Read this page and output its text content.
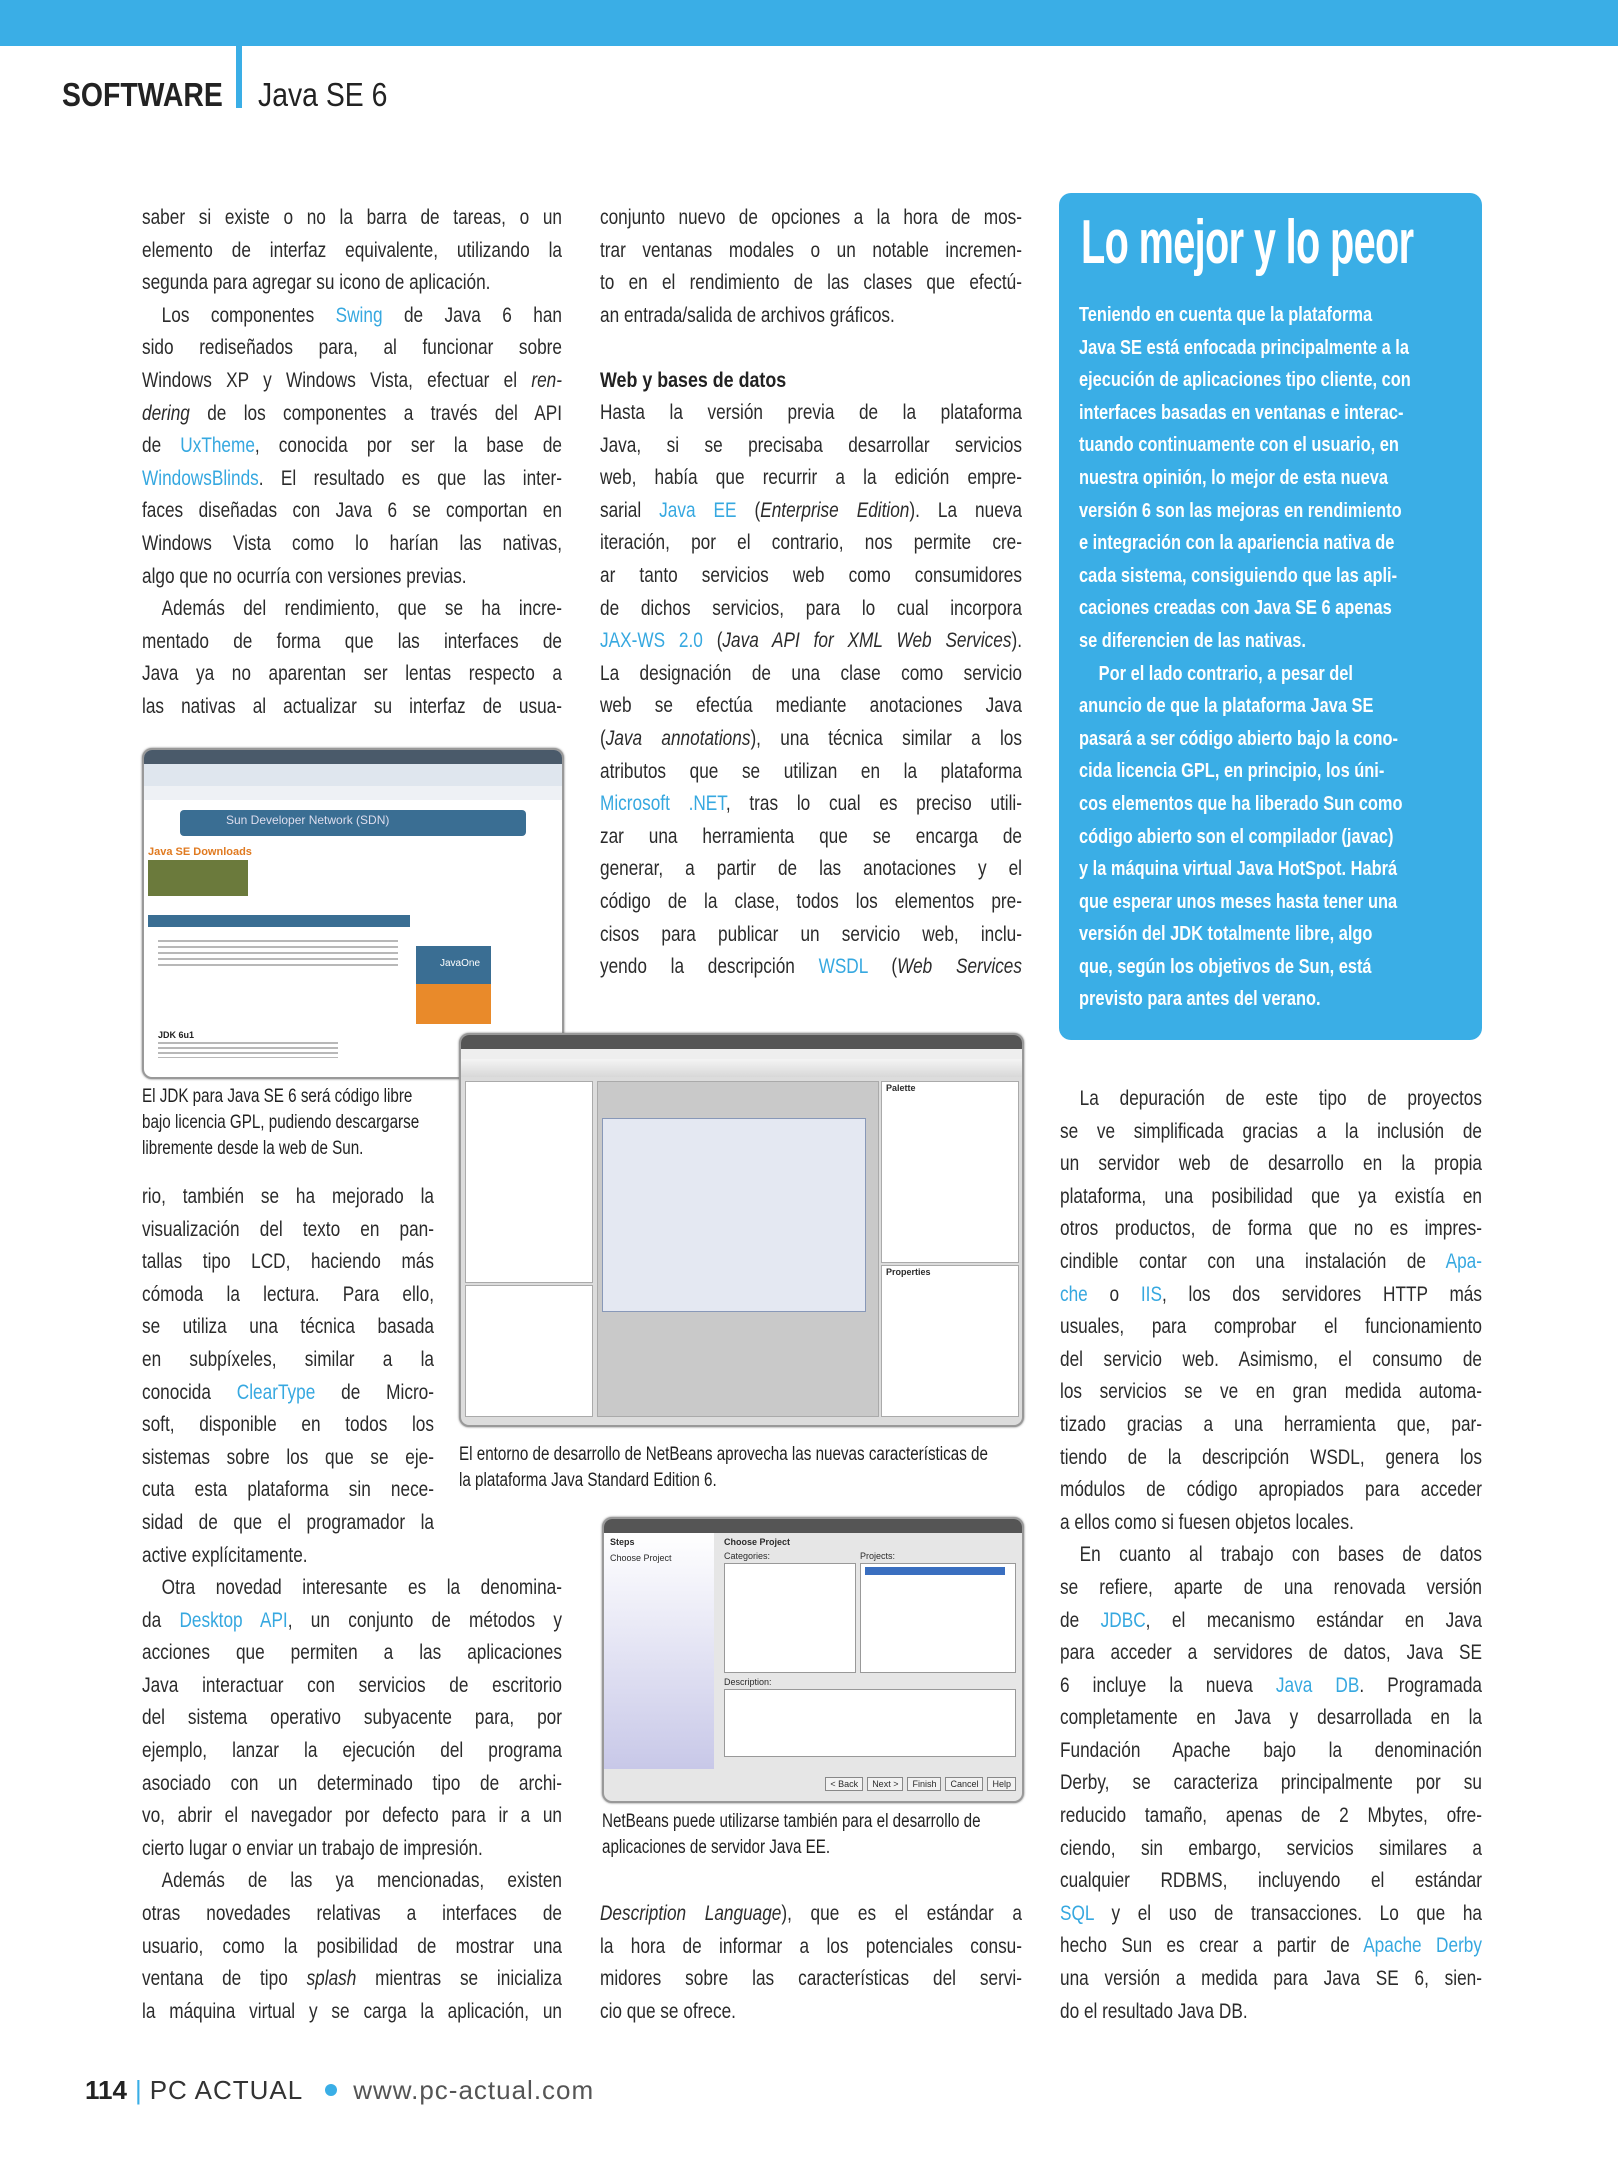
SOFTWARE Java SE 6
saber si existe o no la barra de tareas, o un
elemento de interfaz equivalente, utilizando la
segunda para agregar su icono de aplicación.
Los componentes Swing de Java 6 han
sido rediseñados para, al funcionar sobre
Windows XP y Windows Vista, efectuar el ren-
dering de los componentes a través del API
de UxTheme, conocida por ser la base de
WindowsBlinds. El resultado es que las inter-
faces diseñadas con Java 6 se comportan en
Windows Vista como lo harían las nativas,
algo que no ocurría con versiones previas.
Además del rendimiento, que se ha incre-
mentado de forma que las interfaces de
Java ya no aparentan ser lentas respecto a
las nativas al actualizar su interfaz de usua-
Sun Developer Network (SDN)
Java SE Downloads
JavaOne
JDK 6u1
El JDK para Java SE 6 será código libre
bajo licencia GPL, pudiendo descargarse
libremente desde la web de Sun.
rio, también se ha mejorado la
visualización del texto en pan-
tallas tipo LCD, haciendo más
cómoda la lectura. Para ello,
se utiliza una técnica basada
en subpíxeles, similar a la
conocida ClearType de Micro-
soft, disponible en todos los
sistemas sobre los que se eje-
cuta esta plataforma sin nece-
sidad de que el programador la
active explícitamente.
Otra novedad interesante es la denomina-
da Desktop API, un conjunto de métodos y
acciones que permiten a las aplicaciones
Java interactuar con servicios de escritorio
del sistema operativo subyacente para, por
ejemplo, lanzar la ejecución del programa
asociado con un determinado tipo de archi-
vo, abrir el navegador por defecto para ir a un
cierto lugar o enviar un trabajo de impresión.
Además de las ya mencionadas, existen
otras novedades relativas a interfaces de
usuario, como la posibilidad de mostrar una
ventana de tipo splash mientras se inicializa
la máquina virtual y se carga la aplicación, un
conjunto nuevo de opciones a la hora de mos-
trar ventanas modales o un notable incremen-
to en el rendimiento de las clases que efectú-
an entrada/salida de archivos gráficos.
Web y bases de datos
Hasta la versión previa de la plataforma
Java, si se precisaba desarrollar servicios
web, había que recurrir a la edición empre-
sarial Java EE (Enterprise Edition). La nueva
iteración, por el contrario, nos permite cre-
ar tanto servicios web como consumidores
de dichos servicios, para lo cual incorpora
JAX-WS 2.0 (Java API for XML Web Services).
La designación de una clase como servicio
web se efectúa mediante anotaciones Java
(Java annotations), una técnica similar a los
atributos que se utilizan en la plataforma
Microsoft .NET, tras lo cual es preciso utili-
zar una herramienta que se encarga de
generar, a partir de las anotaciones y el
código de la clase, todos los elementos pre-
cisos para publicar un servicio web, inclu-
yendo la descripción WSDL (Web Services
Palette
Properties
El entorno de desarrollo de NetBeans aprovecha las nuevas características de
la plataforma Java Standard Edition 6.
Steps
Choose Project
Choose Project
Categories:	Projects:
Description:
< Back	Next >	Finish	Cancel	Help
NetBeans puede utilizarse también para el desarrollo de
aplicaciones de servidor Java EE.
Description Language), que es el estándar a
la hora de informar a los potenciales consu-
midores sobre las características del servi-
cio que se ofrece.
Lo mejor y lo peor
Teniendo en cuenta que la plataforma
Java SE está enfocada principalmente a la
ejecución de aplicaciones tipo cliente, con
interfaces basadas en ventanas e interac-
tuando continuamente con el usuario, en
nuestra opinión, lo mejor de esta nueva
versión 6 son las mejoras en rendimiento
e integración con la apariencia nativa de
cada sistema, consiguiendo que las apli-
caciones creadas con Java SE 6 apenas
se diferencien de las nativas.
Por el lado contrario, a pesar del
anuncio de que la plataforma Java SE
pasará a ser código abierto bajo la cono-
cida licencia GPL, en principio, los úni-
cos elementos que ha liberado Sun como
código abierto son el compilador (javac)
y la máquina virtual Java HotSpot. Habrá
que esperar unos meses hasta tener una
versión del JDK totalmente libre, algo
que, según los objetivos de Sun, está
previsto para antes del verano.
La depuración de este tipo de proyectos
se ve simplificada gracias a la inclusión de
un servidor web de desarrollo en la propia
plataforma, una posibilidad que ya existía en
otros productos, de forma que no es impres-
cindible contar con una instalación de Apa-
che o IIS, los dos servidores HTTP más
usuales, para comprobar el funcionamiento
del servicio web. Asimismo, el consumo de
los servicios se ve en gran medida automa-
tizado gracias a una herramienta que, par-
tiendo de la descripción WSDL, genera los
módulos de código apropiados para acceder
a ellos como si fuesen objetos locales.
En cuanto al trabajo con bases de datos
se refiere, aparte de una renovada versión
de JDBC, el mecanismo estándar en Java
para acceder a servidores de datos, Java SE
6 incluye la nueva Java DB. Programada
completamente en Java y desarrollada en la
Fundación Apache bajo la denominación
Derby, se caracteriza principalmente por su
reducido tamaño, apenas de 2 Mbytes, ofre-
ciendo, sin embargo, servicios similares a
cualquier RDBMS, incluyendo el estándar
SQL y el uso de transacciones. Lo que ha
hecho Sun es crear a partir de Apache Derby
una versión a medida para Java SE 6, sien-
do el resultado Java DB.
114 | PC ACTUAL www.pc-actual.com
